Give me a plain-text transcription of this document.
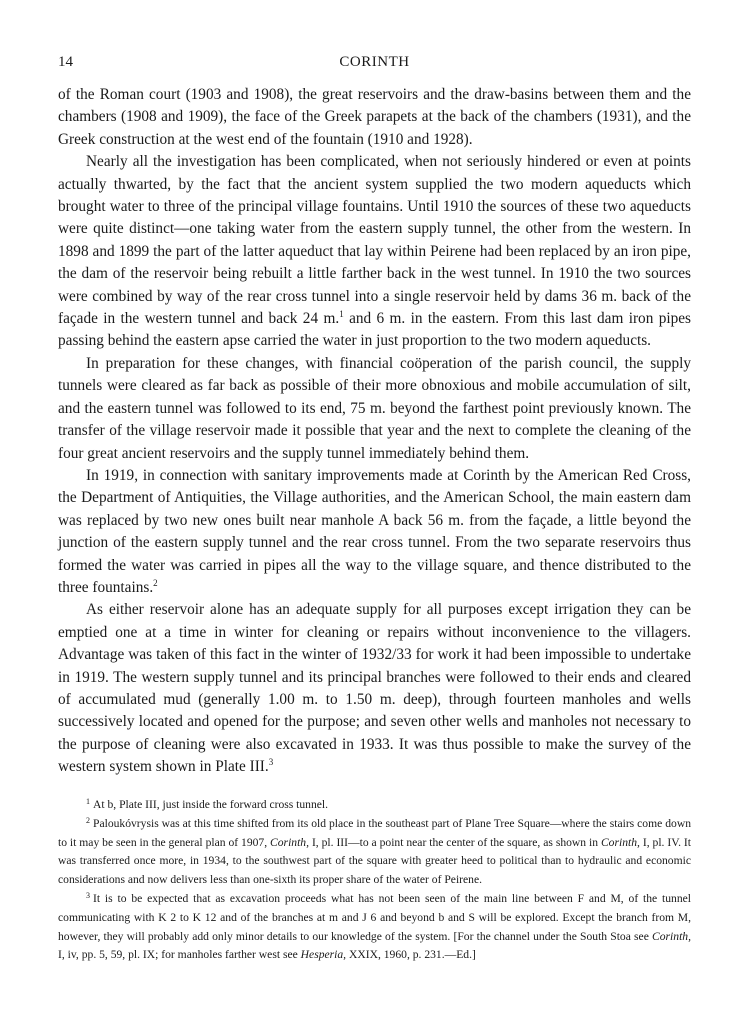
14	CORINTH

of the Roman court (1903 and 1908), the great reservoirs and the draw-basins between them and the chambers (1908 and 1909), the face of the Greek parapets at the back of the chambers (1931), and the Greek construction at the west end of the fountain (1910 and 1928).

Nearly all the investigation has been complicated, when not seriously hindered or even at points actually thwarted, by the fact that the ancient system supplied the two modern aqueducts which brought water to three of the principal village fountains. Until 1910 the sources of these two aqueducts were quite distinct—one taking water from the eastern supply tunnel, the other from the western. In 1898 and 1899 the part of the latter aqueduct that lay within Peirene had been replaced by an iron pipe, the dam of the reservoir being rebuilt a little farther back in the west tunnel. In 1910 the two sources were combined by way of the rear cross tunnel into a single reservoir held by dams 36 m. back of the façade in the western tunnel and back 24 m.$^1$ and 6 m. in the eastern. From this last dam iron pipes passing behind the eastern apse carried the water in just proportion to the two modern aqueducts.

In preparation for these changes, with financial coöperation of the parish council, the supply tunnels were cleared as far back as possible of their more obnoxious and mobile accumulation of silt, and the eastern tunnel was followed to its end, 75 m. beyond the farthest point previously known. The transfer of the village reservoir made it possible that year and the next to complete the cleaning of the four great ancient reservoirs and the supply tunnel immediately behind them.

In 1919, in connection with sanitary improvements made at Corinth by the American Red Cross, the Department of Antiquities, the Village authorities, and the American School, the main eastern dam was replaced by two new ones built near manhole A back 56 m. from the façade, a little beyond the junction of the eastern supply tunnel and the rear cross tunnel. From the two separate reservoirs thus formed the water was carried in pipes all the way to the village square, and thence distributed to the three fountains.$^2$

As either reservoir alone has an adequate supply for all purposes except irrigation they can be emptied one at a time in winter for cleaning or repairs without inconvenience to the villagers. Advantage was taken of this fact in the winter of 1932/33 for work it had been impossible to undertake in 1919. The western supply tunnel and its principal branches were followed to their ends and cleared of accumulated mud (generally 1.00 m. to 1.50 m. deep), through fourteen manholes and wells successively located and opened for the purpose; and seven other wells and manholes not necessary to the purpose of cleaning were also excavated in 1933. It was thus possible to make the survey of the western system shown in Plate III.$^3$

$^1$ At b, Plate III, just inside the forward cross tunnel.

$^2$ Paloukóvrysis was at this time shifted from its old place in the southeast part of Plane Tree Square—where the stairs come down to it may be seen in the general plan of 1907, Corinth, I, pl. III—to a point near the center of the square, as shown in Corinth, I, pl. IV. It was transferred once more, in 1934, to the southwest part of the square with greater heed to political than to hydraulic and economic considerations and now delivers less than one-sixth its proper share of the water of Peirene.

$^3$ It is to be expected that as excavation proceeds what has not been seen of the main line between F and M, of the tunnel communicating with K 2 to K 12 and of the branches at m and J 6 and beyond b and S will be explored. Except the branch from M, however, they will probably add only minor details to our knowledge of the system. [For the channel under the South Stoa see Corinth, I, iv, pp. 5, 59, pl. IX; for manholes farther west see Hesperia, XXIX, 1960, p. 231.—Ed.]
